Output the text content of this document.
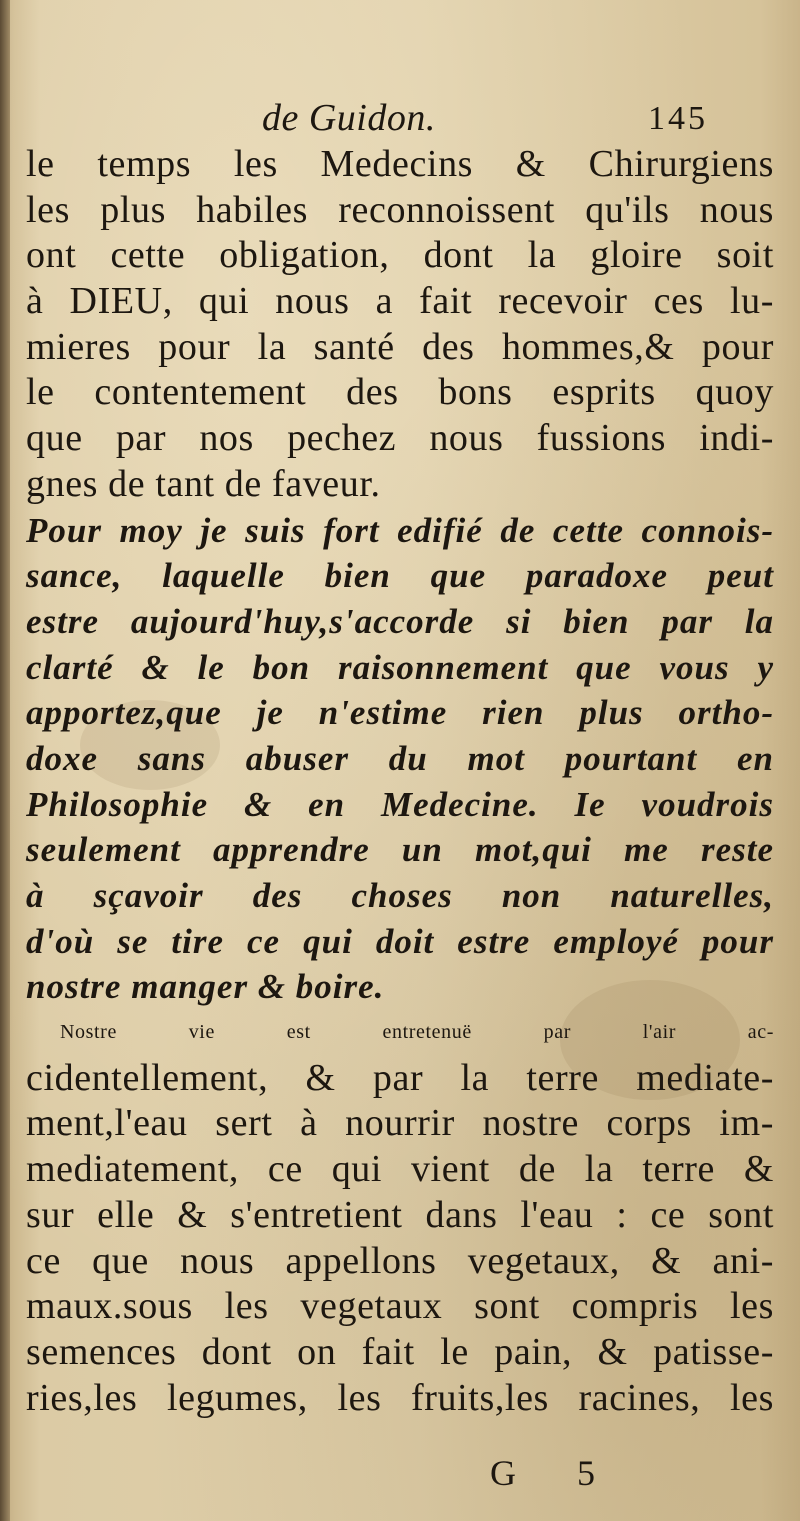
de Guidon.	145
le temps les Medecins & Chirurgiens
les plus habiles reconnoissent qu'ils nous
ont cette obligation, dont la gloire soit
à DIEU, qui nous a fait recevoir ces lu-
mieres pour la santé des hommes,& pour
le contentement des bons esprits quoy
que par nos pechez nous fussions indi-
gnes de tant de faveur.
Pour moy je suis fort edifié de cette connois-
sance, laquelle bien que paradoxe peut
estre aujourd'huy,s'accorde si bien par la
clarté & le bon raisonnement que vous y
apportez,que je n'estime rien plus ortho-
doxe sans abuser du mot pourtant en
Philosophie & en Medecine. Ie voudrois
seulement apprendre un mot,qui me reste
à sçavoir des choses non naturelles,
d'où se tire ce qui doit estre employé pour
nostre manger & boire.
Nostre vie est entretenuë par l'air ac-
cidentellement, & par la terre mediate-
ment,l'eau sert à nourrir nostre corps im-
mediatement, ce qui vient de la terre &
sur elle & s'entretient dans l'eau : ce sont
ce que nous appellons vegetaux, & ani-
maux.sous les vegetaux sont compris les
semences dont on fait le pain, & patisse-
ries,les legumes, les fruits,les racines, les
G 5
